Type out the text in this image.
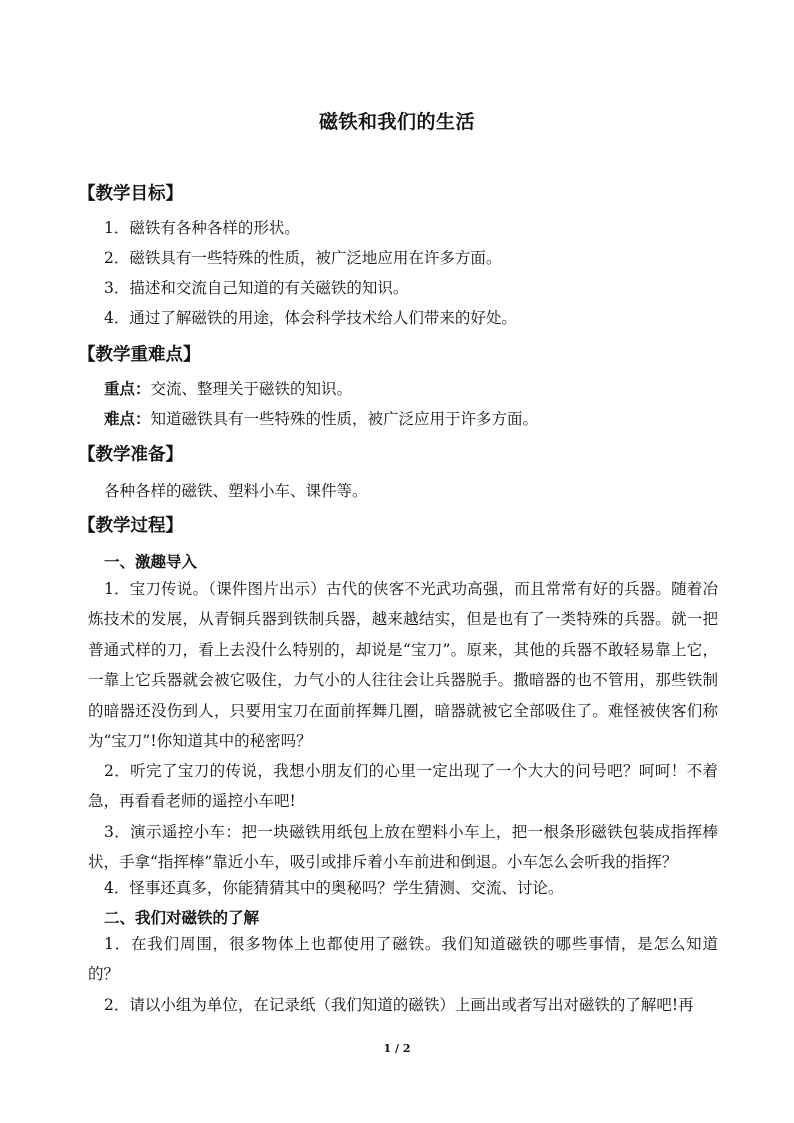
磁铁和我们的生活
【教学目标】
1．磁铁有各种各样的形状。
2．磁铁具有一些特殊的性质，被广泛地应用在许多方面。
3．描述和交流自己知道的有关磁铁的知识。
4．通过了解磁铁的用途，体会科学技术给人们带来的好处。
【教学重难点】
重点：交流、整理关于磁铁的知识。
难点：知道磁铁具有一些特殊的性质，被广泛应用于许多方面。
【教学准备】
各种各样的磁铁、塑料小车、课件等。
【教学过程】
一、激趣导入
1．宝刀传说。（课件图片出示）古代的侠客不光武功高强，而且常常有好的兵器。随着冶炼技术的发展，从青铜兵器到铁制兵器，越来越结实，但是也有了一类特殊的兵器。就一把普通式样的刀，看上去没什么特别的，却说是“宝刀”。原来，其他的兵器不敢轻易靠上它，一靠上它兵器就会被它吸住，力气小的人往往会让兵器脱手。撒暗器的也不管用，那些铁制的暗器还没伤到人，只要用宝刀在面前挥舞几圈，暗器就被它全部吸住了。难怪被侠客们称为“宝刀”!你知道其中的秘密吗？
2．听完了宝刀的传说，我想小朋友们的心里一定出现了一个大大的问号吧？呵呵！不着急，再看看老师的遥控小车吧!
3．演示遥控小车：把一块磁铁用纸包上放在塑料小车上，把一根条形磁铁包装成指挥棒状，手拿“指挥棒”靠近小车，吸引或排斥着小车前进和倒退。小车怎么会听我的指挥？
4．怪事还真多，你能猜猜其中的奥秘吗？学生猜测、交流、讨论。
二、我们对磁铁的了解
1．在我们周围，很多物体上也都使用了磁铁。我们知道磁铁的哪些事情，是怎么知道的？
2．请以小组为单位，在记录纸（我们知道的磁铁）上画出或者写出对磁铁的了解吧!再
1 / 2
